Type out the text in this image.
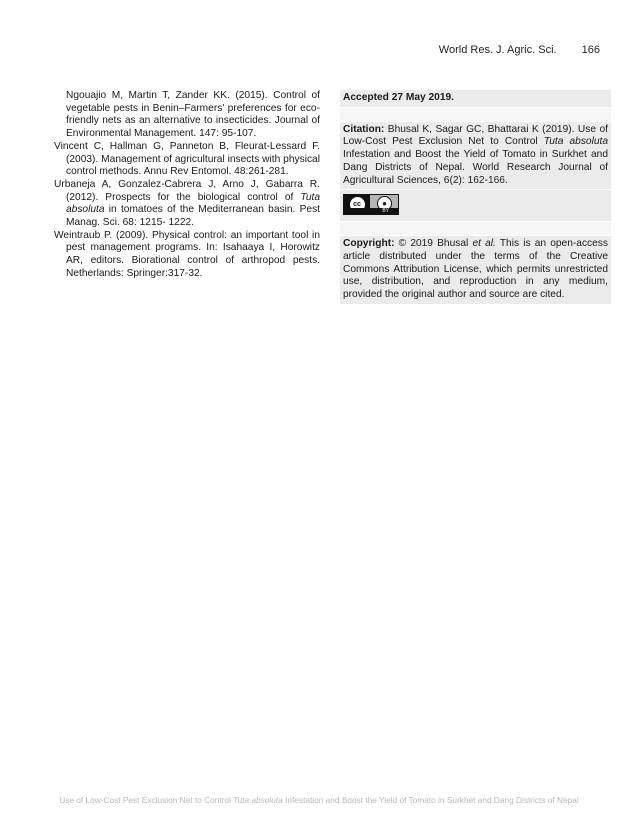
World Res. J. Agric. Sci. 166

Ngouajio M, Martin T, Zander KK. (2015). Control of vegetable pests in Benin–Farmers' preferences for eco-friendly nets as an alternative to insecticides. Journal of Environmental Management. 147: 95-107.

Vincent C, Hallman G, Panneton B, Fleurat-Lessard F. (2003). Management of agricultural insects with physical control methods. Annu Rev Entomol. 48:261-281.

Urbaneja A, Gonzalez-Cabrera J, Arno J, Gabarra R. (2012). Prospects for the biological control of Tuta absoluta in tomatoes of the Mediterranean basin. Pest Manag. Sci. 68: 1215- 1222.

Weintraub P. (2009). Physical control: an important tool in pest management programs. In: Isahaaya I, Horowitz AR, editors. Biorational control of arthropod pests. Netherlands: Springer:317-32.

Accepted 27 May 2019.
Citation: Bhusal K, Sagar GC, Bhattarai K (2019). Use of Low-Cost Pest Exclusion Net to Control Tuta absoluta Infestation and Boost the Yield of Tomato in Surkhet and Dang Districts of Nepal. World Research Journal of Agricultural Sciences, 6(2): 162-166.
cc	●
BY
Copyright: © 2019 Bhusal et al. This is an open-access article distributed under the terms of the Creative Commons Attribution License, which permits unrestricted use, distribution, and reproduction in any medium, provided the original author and source are cited.
Use of Low-Cost Pest Exclusion Net to Control Tuta absoluta Infestation and Boost the Yield of Tomato in Surkhet and Dang Districts of Nepal
